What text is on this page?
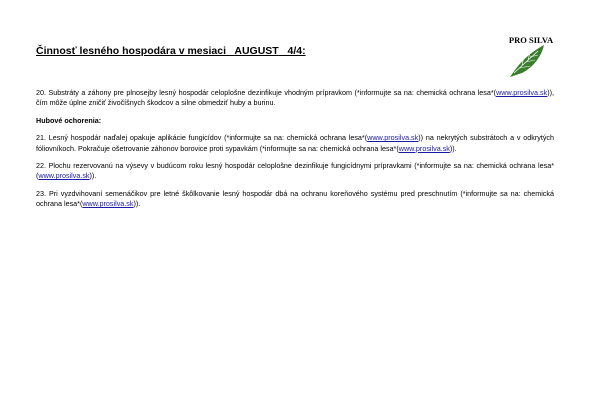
Činnosť lesného hospodára v mesiaci AUGUST 4/4:
PRO SILVA

20. Substráty a záhony pre plnosejby lesný hospodár celoplošne dezinfikuje vhodným prípravkom (*informujte sa na: chemická ochrana lesa*(www.prosilva.sk)), čím môže úplne zničiť živočíšnych škodcov a silne obmedziť huby a burinu.

Hubové ochorenia:

21. Lesný hospodár naďalej opakuje aplikácie fungicídov (*informujte sa na: chemická ochrana lesa*(www.prosilva.sk)) na nekrytých substrátoch a v odkrytých fóliovníkoch. Pokračuje ošetrovanie záhonov borovice proti sypavkám (*informujte sa na: chemická ochrana lesa*(www.prosilva.sk)).

22. Plochu rezervovanú na výsevy v budúcom roku lesný hospodár celoplošne dezinfikuje fungicídnymi prípravkami (*informujte sa na: chemická ochrana lesa*(www.prosilva.sk)).

23. Pri vyzdvihovaní semenáčikov pre letné škôlkovanie lesný hospodár dbá na ochranu koreňového systému pred preschnutím (*informujte sa na: chemická ochrana lesa*(www.prosilva.sk)).
